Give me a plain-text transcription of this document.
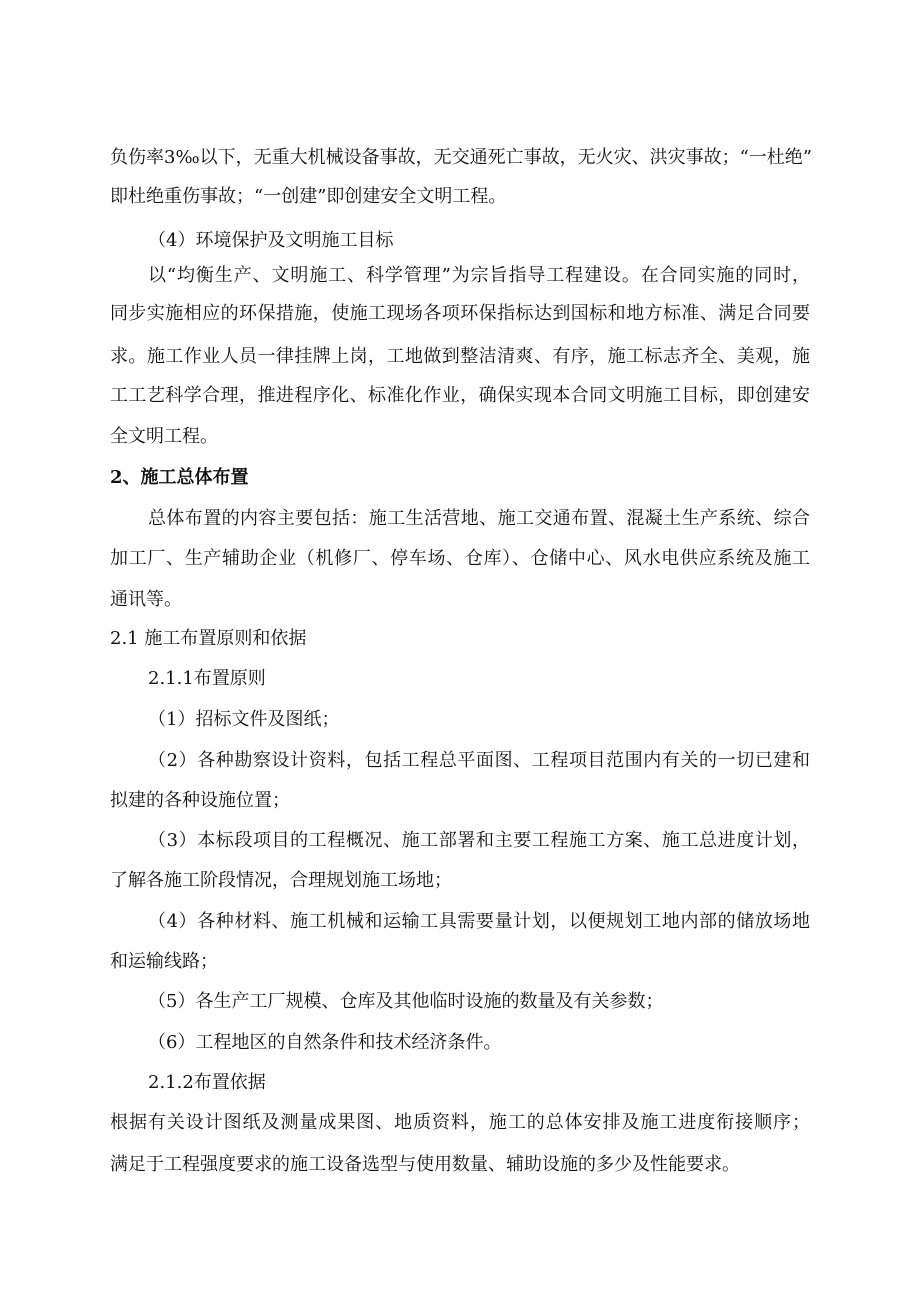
负伤率3‰以下，无重大机械设备事故，无交通死亡事故，无火灾、洪灾事故；“一杜绝”
即杜绝重伤事故；“一创建”即创建安全文明工程。
（4）环境保护及文明施工目标
以“均衡生产、文明施工、科学管理”为宗旨指导工程建设。在合同实施的同时，
同步实施相应的环保措施，使施工现场各项环保指标达到国标和地方标准、满足合同要
求。施工作业人员一律挂牌上岗，工地做到整洁清爽、有序，施工标志齐全、美观，施
工工艺科学合理，推进程序化、标准化作业，确保实现本合同文明施工目标，即创建安
全文明工程。
2、施工总体布置
总体布置的内容主要包括：施工生活营地、施工交通布置、混凝土生产系统、综合
加工厂、生产辅助企业（机修厂、停车场、仓库）、仓储中心、风水电供应系统及施工
通讯等。
2.1 施工布置原则和依据
2.1.1布置原则
（1）招标文件及图纸；
（2）各种勘察设计资料，包括工程总平面图、工程项目范围内有关的一切已建和
拟建的各种设施位置；
（3）本标段项目的工程概况、施工部署和主要工程施工方案、施工总进度计划，
了解各施工阶段情况，合理规划施工场地；
（4）各种材料、施工机械和运输工具需要量计划，以便规划工地内部的储放场地
和运输线路；
（5）各生产工厂规模、仓库及其他临时设施的数量及有关参数；
（6）工程地区的自然条件和技术经济条件。
2.1.2布置依据
根据有关设计图纸及测量成果图、地质资料，施工的总体安排及施工进度衔接顺序；
满足于工程强度要求的施工设备选型与使用数量、辅助设施的多少及性能要求。
